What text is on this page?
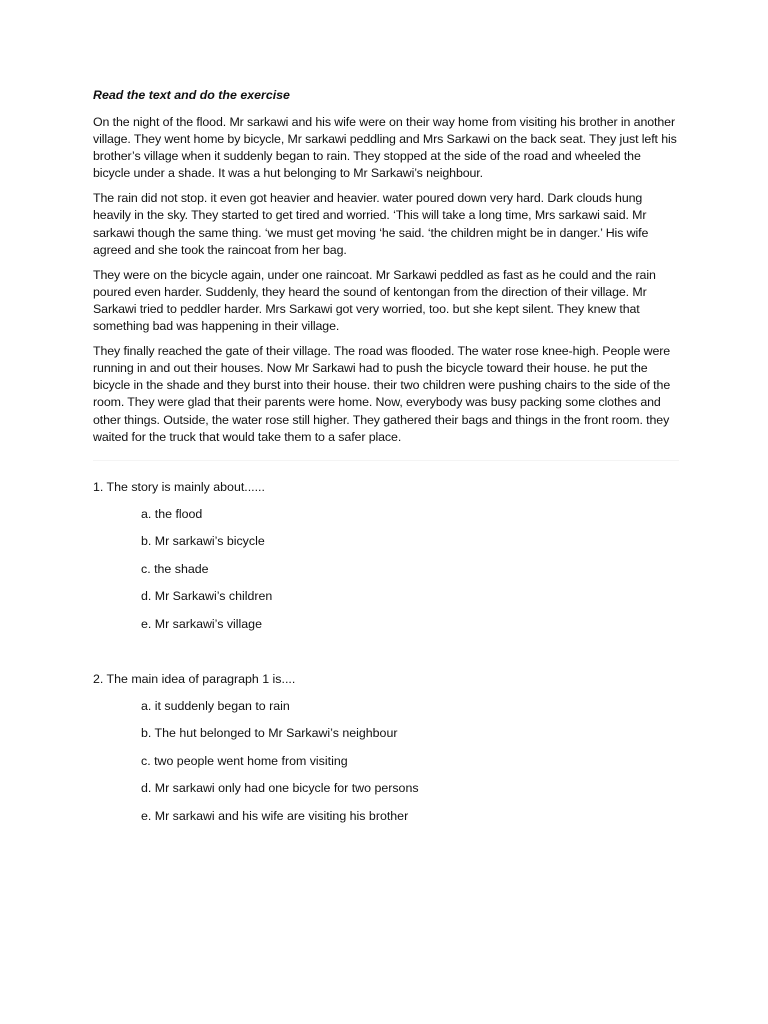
Read the text and do the exercise

On the night of the flood. Mr sarkawi and his wife were on their way home from visiting his brother in another village. They went home by bicycle, Mr sarkawi peddling and Mrs Sarkawi on the back seat. They just left his brother’s village when it suddenly began to rain. They stopped at the side of the road and wheeled the bicycle under a shade. It was a hut belonging to Mr Sarkawi’s neighbour.

The rain did not stop. it even got heavier and heavier. water poured down very hard. Dark clouds hung heavily in the sky. They started to get tired and worried. ‘This will take a long time, Mrs sarkawi said. Mr sarkawi though the same thing. ‘we must get moving ‘he said. ‘the children might be in danger.’ His wife agreed and she took the raincoat from her bag.

They were on the bicycle again, under one raincoat. Mr Sarkawi peddled as fast as he could and the rain poured even harder. Suddenly, they heard the sound of kentongan from the direction of their village. Mr Sarkawi tried to peddler harder. Mrs Sarkawi got very worried, too. but she kept silent. They knew that something bad was happening in their village.

They finally reached the gate of their village. The road was flooded. The water rose knee-high. People were running in and out their houses. Now Mr Sarkawi had to push the bicycle toward their house. he put the bicycle in the shade and they burst into their house. their two children were pushing chairs to the side of the room. They were glad that their parents were home. Now, everybody was busy packing some clothes and other things. Outside, the water rose still higher. They gathered their bags and things in the front room. they waited for the truck that would take them to a safer place.

1. The story is mainly about......

a. the flood
b. Mr sarkawi’s bicycle
c. the shade
d. Mr Sarkawi’s children
e. Mr sarkawi’s village

2. The main idea of paragraph 1 is....

a. it suddenly began to rain
b. The hut belonged to Mr Sarkawi’s neighbour
c. two people went home from visiting
d. Mr sarkawi only had one bicycle for two persons
e. Mr sarkawi and his wife are visiting his brother
